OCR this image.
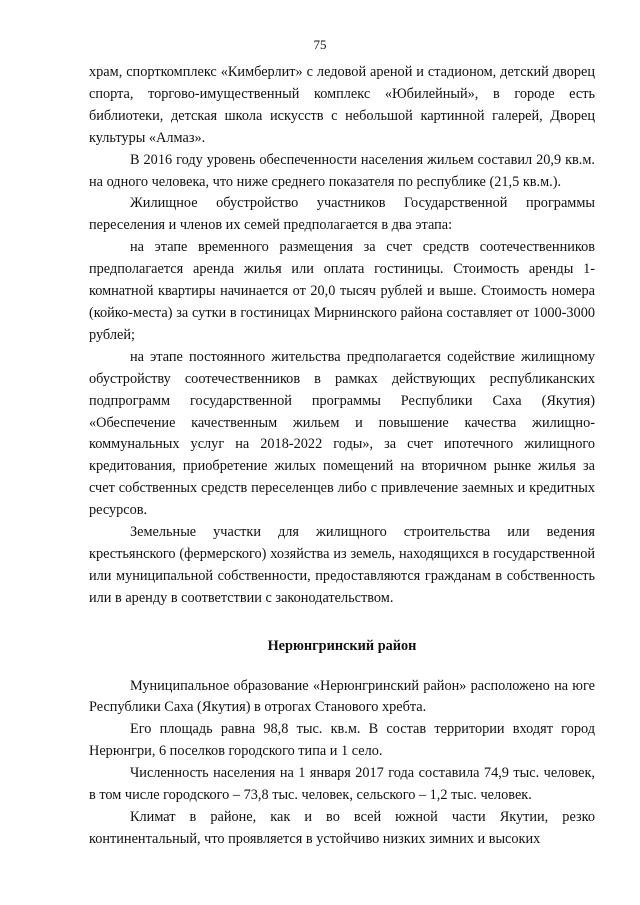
75

храм, спорткомплекс «Кимберлит» с ледовой ареной и стадионом, детский дворец спорта, торгово-имущественный комплекс «Юбилейный», в городе есть библиотеки, детская школа искусств с небольшой картинной галерей, Дворец культуры «Алмаз».

В 2016 году уровень обеспеченности населения жильем составил 20,9 кв.м. на одного человека, что ниже среднего показателя по республике (21,5 кв.м.).

Жилищное обустройство участников Государственной программы переселения и членов их семей предполагается в два этапа:

на этапе временного размещения за счет средств соотечественников предполагается аренда жилья или оплата гостиницы. Стоимость аренды 1-комнатной квартиры начинается от 20,0 тысяч рублей и выше. Стоимость номера (койко-места) за сутки в гостиницах Мирнинского района составляет от 1000-3000 рублей;

на этапе постоянного жительства предполагается содействие жилищному обустройству соотечественников в рамках действующих республиканских подпрограмм государственной программы Республики Саха (Якутия) «Обеспечение качественным жильем и повышение качества жилищно-коммунальных услуг на 2018-2022 годы», за счет ипотечного жилищного кредитования, приобретение жилых помещений на вторичном рынке жилья за счет собственных средств переселенцев либо с привлечение заемных и кредитных ресурсов.

Земельные участки для жилищного строительства или ведения крестьянского (фермерского) хозяйства из земель, находящихся в государственной или муниципальной собственности, предоставляются гражданам в собственность или в аренду в соответствии с законодательством.

Нерюнгринский район

Муниципальное образование «Нерюнгринский район» расположено на юге Республики Саха (Якутия) в отрогах Станового хребта.

Его площадь равна 98,8 тыс. кв.м. В состав территории входят город Нерюнгри, 6 поселков городского типа и 1 село.

Численность населения на 1 января 2017 года составила 74,9 тыс. человек, в том числе городского – 73,8 тыс. человек, сельского – 1,2 тыс. человек.

Климат в районе, как и во всей южной части Якутии, резко континентальный, что проявляется в устойчиво низких зимних и высоких
